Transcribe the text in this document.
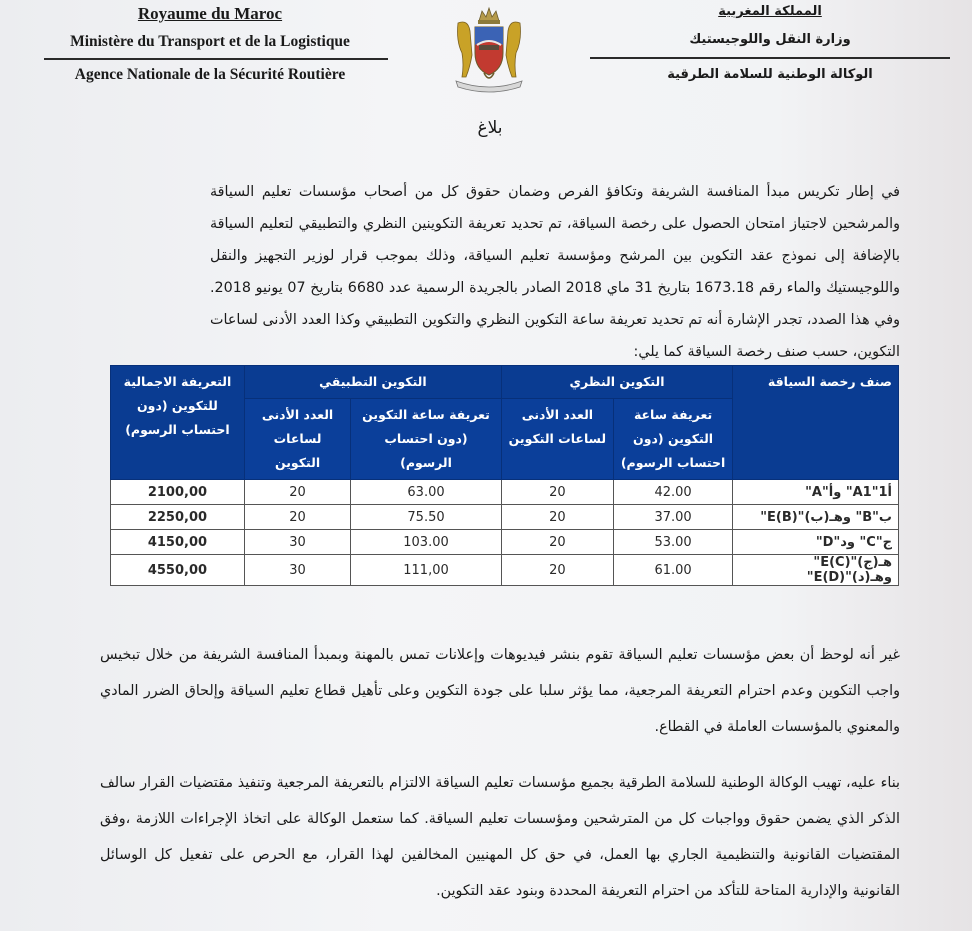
Royaume du Maroc
Ministère du Transport et de la Logistique
Agence Nationale de la Sécurité Routière
المملكة المغربية
وزارة النقل واللوجيستيك
الوكالة الوطنية للسلامة الطرقية
بلاغ
في إطار تكريس مبدأ المنافسة الشريفة وتكافؤ الفرص وضمان حقوق كل من أصحاب مؤسسات تعليم السياقة والمرشحين لاجتياز امتحان الحصول على رخصة السياقة، تم تحديد تعريفة التكوينين النظري والتطبيقي لتعليم السياقة بالإضافة إلى نموذج عقد التكوين بين المرشح ومؤسسة تعليم السياقة، وذلك بموجب قرار لوزير التجهيز والنقل واللوجيستيك والماء رقم 1673.18 بتاريخ 31 ماي 2018 الصادر بالجريدة الرسمية عدد 6680 بتاريخ 07 يونيو 2018. وفي هذا الصدد، تجدر الإشارة أنه تم تحديد تعريفة ساعة التكوين النظري والتكوين التطبيقي وكذا العدد الأدنى لساعات التكوين، حسب صنف رخصة السياقة كما يلي:
صنف رخصة السياقة	التكوين النظري		التكوين التطبيقي		التعريفة الاجمالية للتكوين (دون احتساب الرسوم)
	تعريفة ساعة التكوين (دون احتساب الرسوم)	العدد الأدنى لساعات التكوين	تعريفة ساعة التكوين (دون احتساب الرسوم)	العدد الأدنى لساعات التكوين	
أ1"A1" وأ"A"	42.00	20	63.00	20	2100,00
ب"B" وهـ(ب)"E(B)"	37.00	20	75.50	20	2250,00
ج"C" ود"D"	53.00	20	103.00	30	4150,00
هـ(ج)"E(C)" وهـ(د)"E(D)"	61.00	20	111,00	30	4550,00
غير أنه لوحظ أن بعض مؤسسات تعليم السياقة تقوم بنشر فيديوهات وإعلانات تمس بالمهنة وبمبدأ المنافسة الشريفة من خلال تبخيس واجب التكوين وعدم احترام التعريفة المرجعية، مما يؤثر سلبا على جودة التكوين وعلى تأهيل قطاع تعليم السياقة وإلحاق الضرر المادي والمعنوي بالمؤسسات العاملة في القطاع.
بناء عليه، تهيب الوكالة الوطنية للسلامة الطرقية بجميع مؤسسات تعليم السياقة الالتزام بالتعريفة المرجعية وتنفيذ مقتضيات القرار سالف الذكر الذي يضمن حقوق وواجبات كل من المترشحين ومؤسسات تعليم السياقة. كما ستعمل الوكالة على اتخاذ الإجراءات اللازمة ،وفق المقتضيات القانونية والتنظيمية الجاري بها العمل، في حق كل المهنيين المخالفين لهذا القرار، مع الحرص على تفعيل كل الوسائل القانونية والإدارية المتاحة للتأكد من احترام التعريفة المحددة وبنود عقد التكوين.
